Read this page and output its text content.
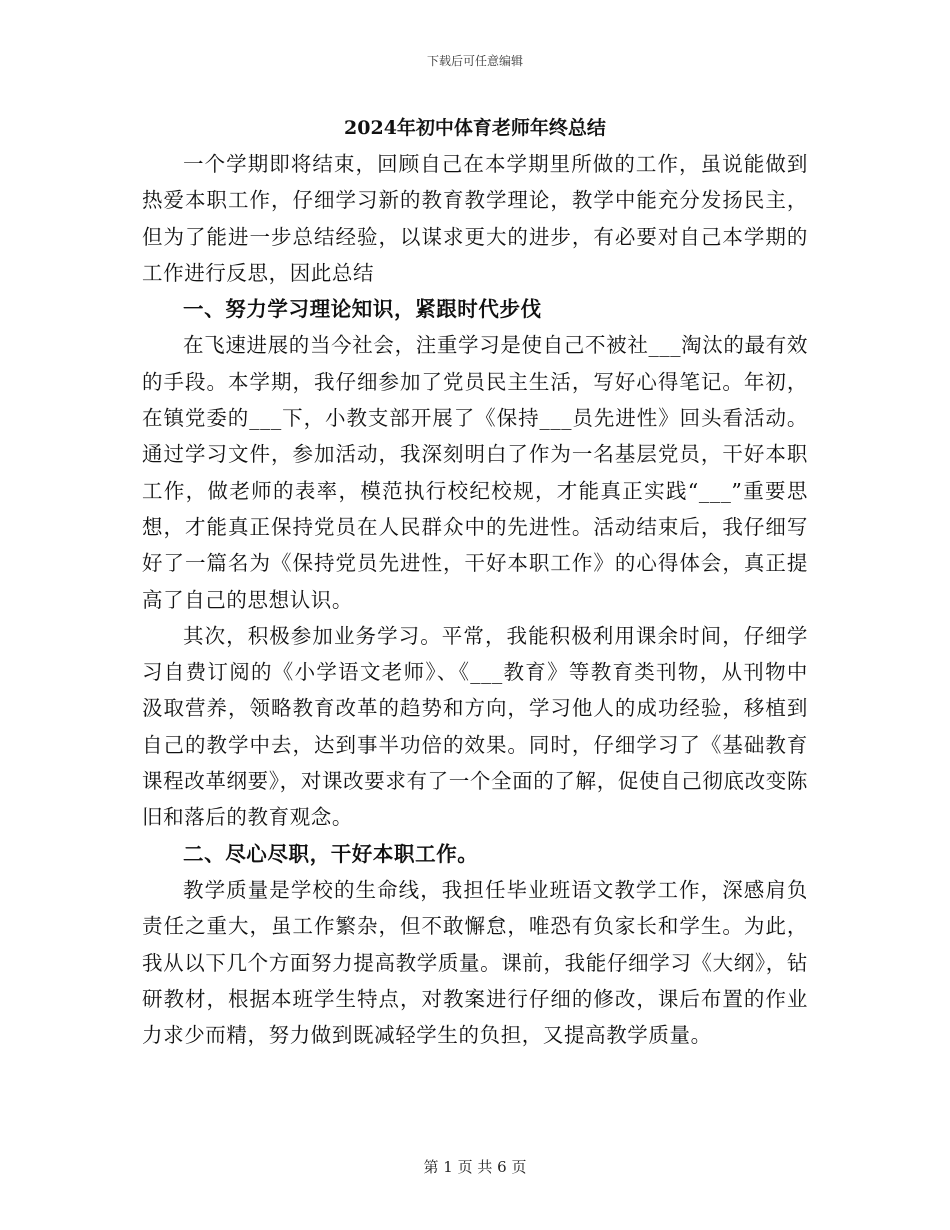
下载后可任意编辑
2024年初中体育老师年终总结

一个学期即将结束，回顾自己在本学期里所做的工作，虽说能做到热爱本职工作，仔细学习新的教育教学理论，教学中能充分发扬民主，但为了能进一步总结经验，以谋求更大的进步，有必要对自己本学期的工作进行反思，因此总结

一、努力学习理论知识，紧跟时代步伐

在飞速进展的当今社会，注重学习是使自己不被社___淘汰的最有效的手段。本学期，我仔细参加了党员民主生活，写好心得笔记。年初，在镇党委的___下，小教支部开展了《保持___员先进性》回头看活动。通过学习文件，参加活动，我深刻明白了作为一名基层党员，干好本职工作，做老师的表率，模范执行校纪校规，才能真正实践“___”重要思想，才能真正保持党员在人民群众中的先进性。活动结束后，我仔细写好了一篇名为《保持党员先进性，干好本职工作》的心得体会，真正提高了自己的思想认识。

其次，积极参加业务学习。平常，我能积极利用课余时间，仔细学习自费订阅的《小学语文老师》、《___教育》等教育类刊物，从刊物中汲取营养，领略教育改革的趋势和方向，学习他人的成功经验，移植到自己的教学中去，达到事半功倍的效果。同时，仔细学习了《基础教育课程改革纲要》，对课改要求有了一个全面的了解，促使自己彻底改变陈旧和落后的教育观念。

二、尽心尽职，干好本职工作。

教学质量是学校的生命线，我担任毕业班语文教学工作，深感肩负责任之重大，虽工作繁杂，但不敢懈怠，唯恐有负家长和学生。为此，我从以下几个方面努力提高教学质量。课前，我能仔细学习《大纲》，钻研教材，根据本班学生特点，对教案进行仔细的修改，课后布置的作业力求少而精，努力做到既减轻学生的负担，又提高教学质量。

第 1 页 共 6 页
